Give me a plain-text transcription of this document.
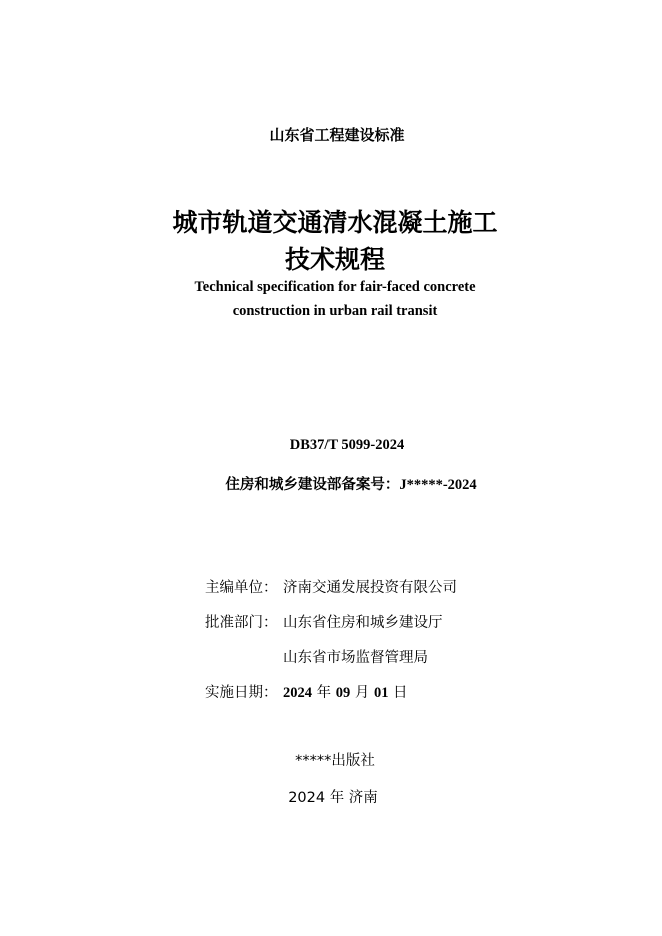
山东省工程建设标准
城市轨道交通清水混凝土施工
技术规程
Technical specification for fair-faced concrete
construction in urban rail transit
DB37/T 5099-2024
住房和城乡建设部备案号：J*****-2024
主编单位： 济南交通发展投资有限公司
批准部门： 山东省住房和城乡建设厅
山东省市场监督管理局
实施日期： 2024 年 09 月 01 日
*****出版社
2024 年 济南
